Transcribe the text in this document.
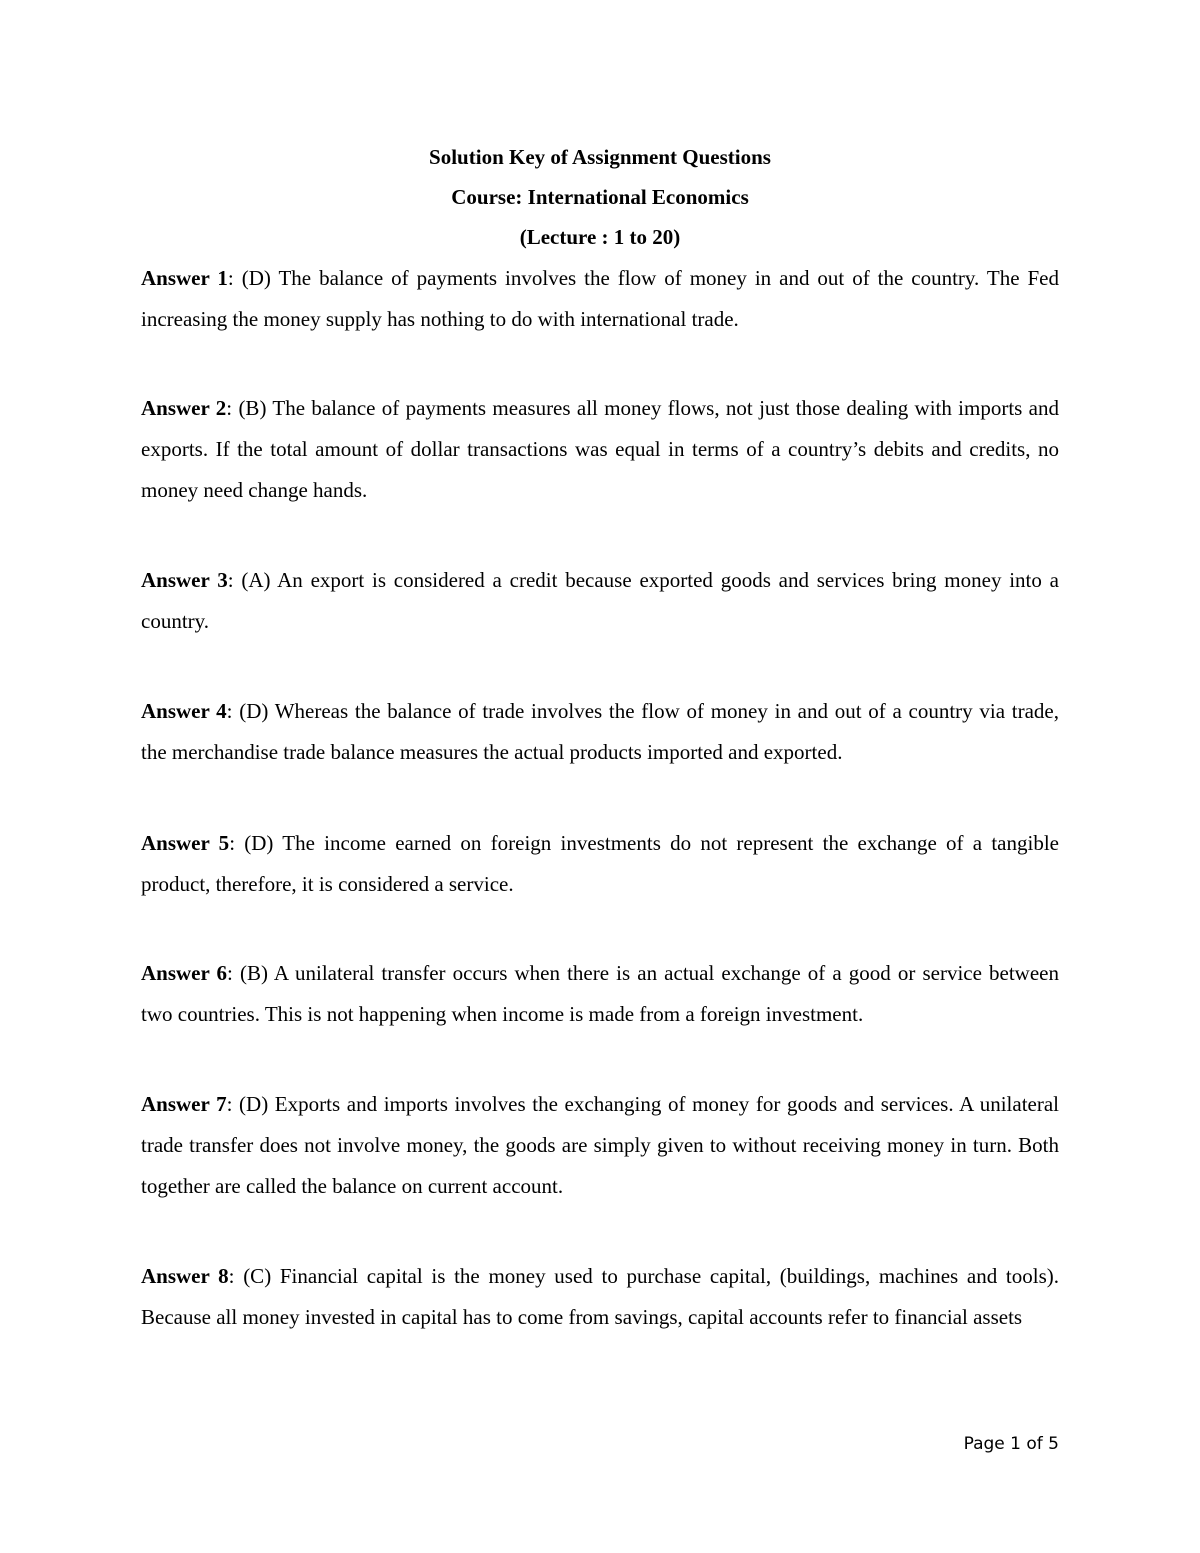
Solution Key of Assignment Questions
Course: International Economics
(Lecture : 1 to 20)

Answer 1: (D) The balance of payments involves the flow of money in and out of the country. The Fed increasing the money supply has nothing to do with international trade.

Answer 2: (B) The balance of payments measures all money flows, not just those dealing with imports and exports. If the total amount of dollar transactions was equal in terms of a country’s debits and credits, no money need change hands.

Answer 3: (A) An export is considered a credit because exported goods and services bring money into a country.

Answer 4: (D) Whereas the balance of trade involves the flow of money in and out of a country via trade, the merchandise trade balance measures the actual products imported and exported.

Answer 5: (D) The income earned on foreign investments do not represent the exchange of a tangible product, therefore, it is considered a service.

Answer 6: (B) A unilateral transfer occurs when there is an actual exchange of a good or service between two countries. This is not happening when income is made from a foreign investment.

Answer 7: (D) Exports and imports involves the exchanging of money for goods and services. A unilateral trade transfer does not involve money, the goods are simply given to without receiving money in turn. Both together are called the balance on current account.

Answer 8: (C) Financial capital is the money used to purchase capital, (buildings, machines and tools). Because all money invested in capital has to come from savings, capital accounts refer to financial assets

Page 1 of 5
